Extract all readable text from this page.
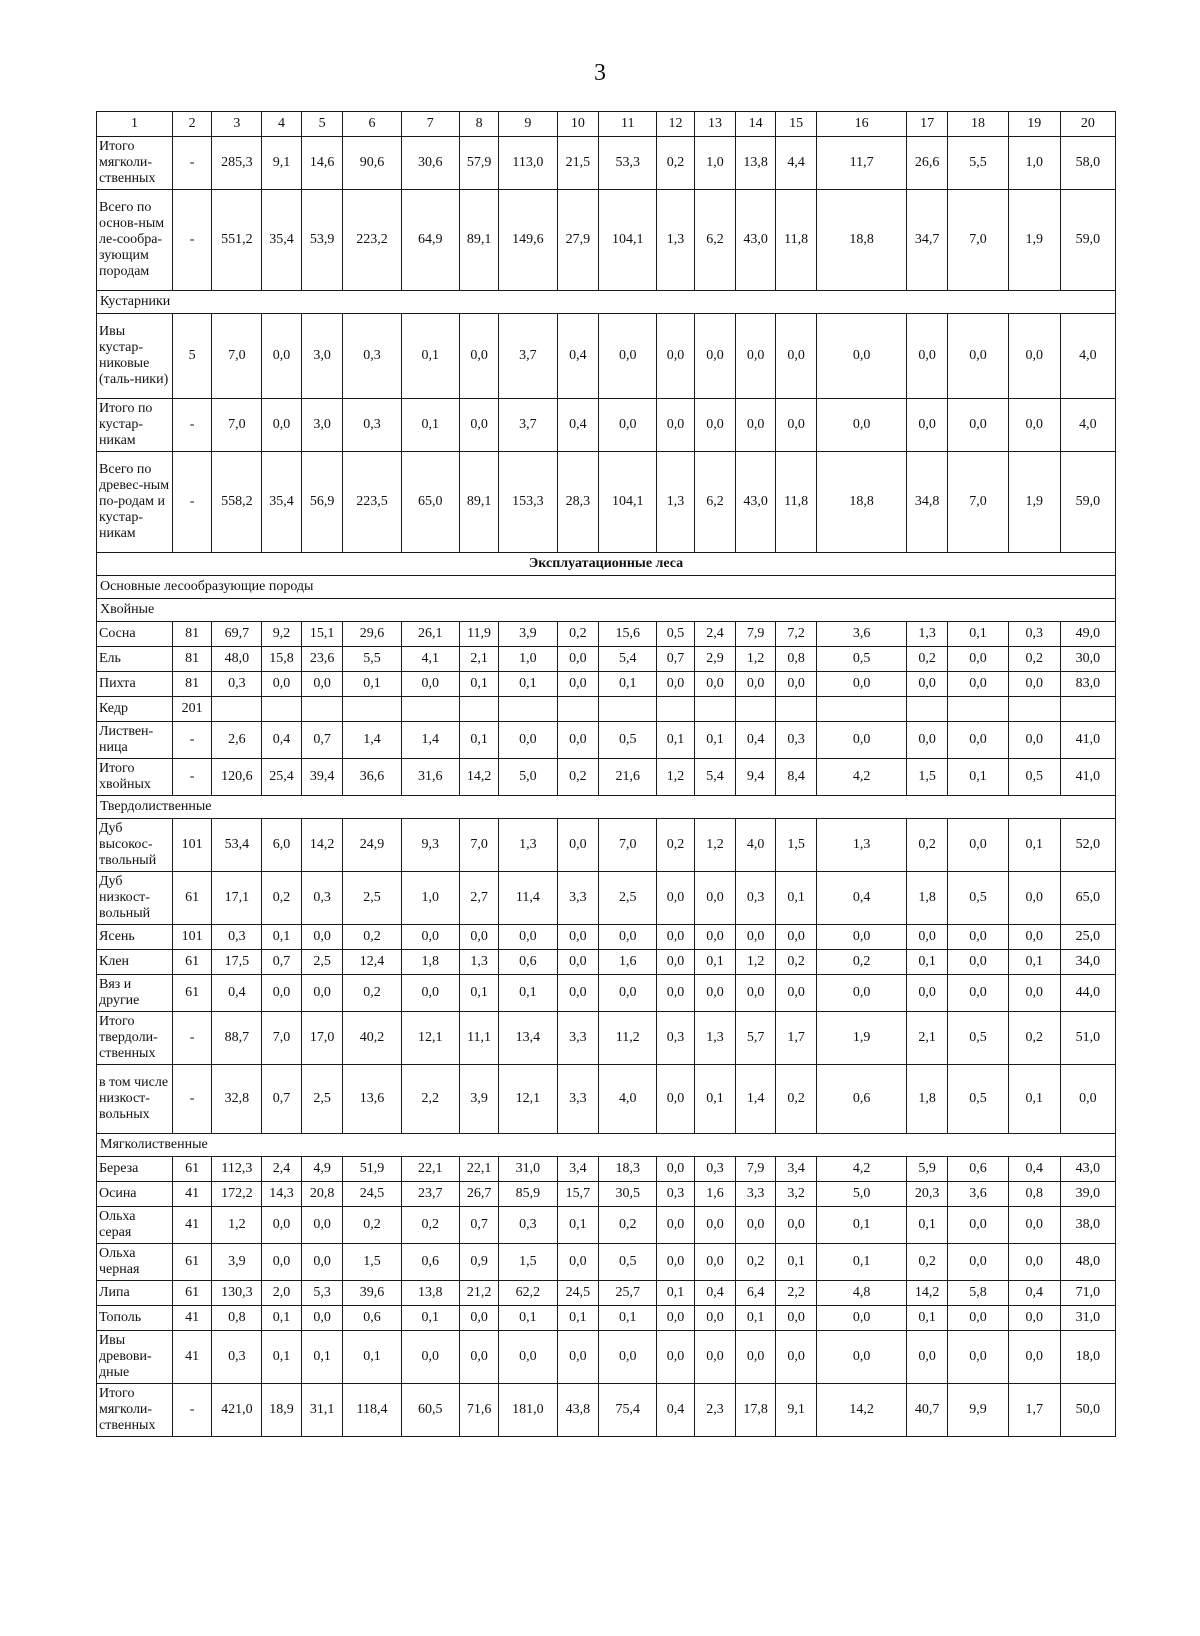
3
1	2	3	4	5	6	7	8	9	10	11	12	13	14	15	16	17	18	19	20
Итого мягколи-ственных	-	285,3	9,1	14,6	90,6	30,6	57,9	113,0	21,5	53,3	0,2	1,0	13,8	4,4	11,7	26,6	5,5	1,0	58,0
Всего по основ-ным ле-сообра-зующим породам	-	551,2	35,4	53,9	223,2	64,9	89,1	149,6	27,9	104,1	1,3	6,2	43,0	11,8	18,8	34,7	7,0	1,9	59,0
Кустарники																			
Ивы кустар-никовые (таль-ники)	5	7,0	0,0	3,0	0,3	0,1	0,0	3,7	0,4	0,0	0,0	0,0	0,0	0,0	0,0	0,0	0,0	0,0	4,0
Итого по кустар-никам	-	7,0	0,0	3,0	0,3	0,1	0,0	3,7	0,4	0,0	0,0	0,0	0,0	0,0	0,0	0,0	0,0	0,0	4,0
Всего по древес-ным по-родам и кустар-никам	-	558,2	35,4	56,9	223,5	65,0	89,1	153,3	28,3	104,1	1,3	6,2	43,0	11,8	18,8	34,8	7,0	1,9	59,0
Эксплуатационные леса																			
Основные лесообразующие породы																			
Хвойные																			
Сосна	81	69,7	9,2	15,1	29,6	26,1	11,9	3,9	0,2	15,6	0,5	2,4	7,9	7,2	3,6	1,3	0,1	0,3	49,0
Ель	81	48,0	15,8	23,6	5,5	4,1	2,1	1,0	0,0	5,4	0,7	2,9	1,2	0,8	0,5	0,2	0,0	0,2	30,0
Пихта	81	0,3	0,0	0,0	0,1	0,0	0,1	0,1	0,0	0,1	0,0	0,0	0,0	0,0	0,0	0,0	0,0	0,0	83,0
Кедр	201																		
Листвен-ница	-	2,6	0,4	0,7	1,4	1,4	0,1	0,0	0,0	0,5	0,1	0,1	0,4	0,3	0,0	0,0	0,0	0,0	41,0
Итого хвойных	-	120,6	25,4	39,4	36,6	31,6	14,2	5,0	0,2	21,6	1,2	5,4	9,4	8,4	4,2	1,5	0,1	0,5	41,0
Твердолиственные																			
Дуб высокос-твольный	101	53,4	6,0	14,2	24,9	9,3	7,0	1,3	0,0	7,0	0,2	1,2	4,0	1,5	1,3	0,2	0,0	0,1	52,0
Дуб низкост-вольный	61	17,1	0,2	0,3	2,5	1,0	2,7	11,4	3,3	2,5	0,0	0,0	0,3	0,1	0,4	1,8	0,5	0,0	65,0
Ясень	101	0,3	0,1	0,0	0,2	0,0	0,0	0,0	0,0	0,0	0,0	0,0	0,0	0,0	0,0	0,0	0,0	0,0	25,0
Клен	61	17,5	0,7	2,5	12,4	1,8	1,3	0,6	0,0	1,6	0,0	0,1	1,2	0,2	0,2	0,1	0,0	0,1	34,0
Вяз и другие	61	0,4	0,0	0,0	0,2	0,0	0,1	0,1	0,0	0,0	0,0	0,0	0,0	0,0	0,0	0,0	0,0	0,0	44,0
Итого твердоли-ственных	-	88,7	7,0	17,0	40,2	12,1	11,1	13,4	3,3	11,2	0,3	1,3	5,7	1,7	1,9	2,1	0,5	0,2	51,0
в том числе низкост-вольных	-	32,8	0,7	2,5	13,6	2,2	3,9	12,1	3,3	4,0	0,0	0,1	1,4	0,2	0,6	1,8	0,5	0,1	0,0
Мягколиственные																			
Береза	61	112,3	2,4	4,9	51,9	22,1	22,1	31,0	3,4	18,3	0,0	0,3	7,9	3,4	4,2	5,9	0,6	0,4	43,0
Осина	41	172,2	14,3	20,8	24,5	23,7	26,7	85,9	15,7	30,5	0,3	1,6	3,3	3,2	5,0	20,3	3,6	0,8	39,0
Ольха серая	41	1,2	0,0	0,0	0,2	0,2	0,7	0,3	0,1	0,2	0,0	0,0	0,0	0,0	0,1	0,1	0,0	0,0	38,0
Ольха черная	61	3,9	0,0	0,0	1,5	0,6	0,9	1,5	0,0	0,5	0,0	0,0	0,2	0,1	0,1	0,2	0,0	0,0	48,0
Липа	61	130,3	2,0	5,3	39,6	13,8	21,2	62,2	24,5	25,7	0,1	0,4	6,4	2,2	4,8	14,2	5,8	0,4	71,0
Тополь	41	0,8	0,1	0,0	0,6	0,1	0,0	0,1	0,1	0,1	0,0	0,0	0,1	0,0	0,0	0,1	0,0	0,0	31,0
Ивы древови-дные	41	0,3	0,1	0,1	0,1	0,0	0,0	0,0	0,0	0,0	0,0	0,0	0,0	0,0	0,0	0,0	0,0	0,0	18,0
Итого мягколи-ственных	-	421,0	18,9	31,1	118,4	60,5	71,6	181,0	43,8	75,4	0,4	2,3	17,8	9,1	14,2	40,7	9,9	1,7	50,0
